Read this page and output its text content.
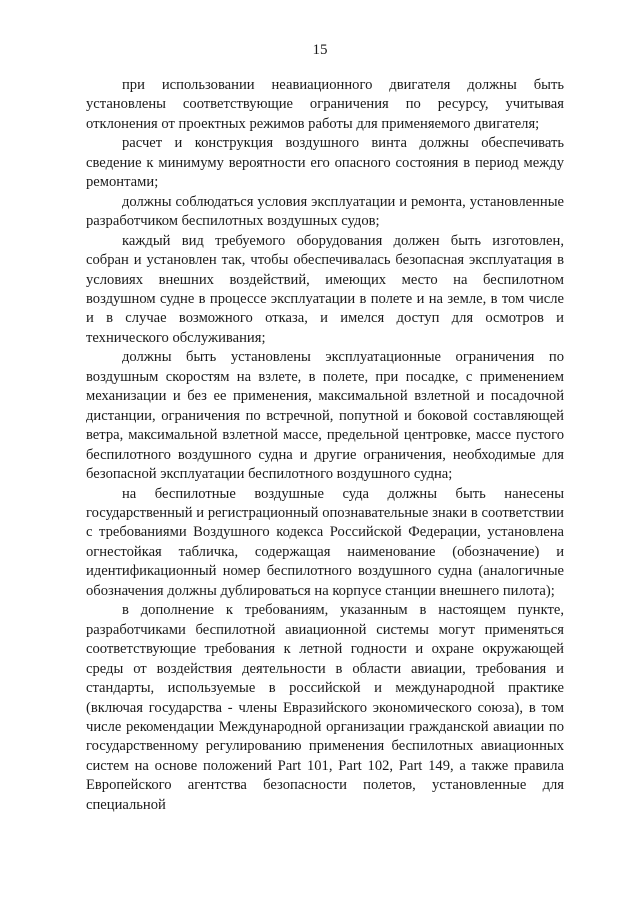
15

при использовании неавиационного двигателя должны быть установлены соответствующие ограничения по ресурсу, учитывая отклонения от проектных режимов работы для применяемого двигателя;

расчет и конструкция воздушного винта должны обеспечивать сведение к минимуму вероятности его опасного состояния в период между ремонтами;

должны соблюдаться условия эксплуатации и ремонта, установленные разработчиком беспилотных воздушных судов;

каждый вид требуемого оборудования должен быть изготовлен, собран и установлен так, чтобы обеспечивалась безопасная эксплуатация в условиях внешних воздействий, имеющих место на беспилотном воздушном судне в процессе эксплуатации в полете и на земле, в том числе и в случае возможного отказа, и имелся доступ для осмотров и технического обслуживания;

должны быть установлены эксплуатационные ограничения по воздушным скоростям на взлете, в полете, при посадке, с применением механизации и без ее применения, максимальной взлетной и посадочной дистанции, ограничения по встречной, попутной и боковой составляющей ветра, максимальной взлетной массе, предельной центровке, массе пустого беспилотного воздушного судна и другие ограничения, необходимые для безопасной эксплуатации беспилотного воздушного судна;

на беспилотные воздушные суда должны быть нанесены государственный и регистрационный опознавательные знаки в соответствии с требованиями Воздушного кодекса Российской Федерации, установлена огнестойкая табличка, содержащая наименование (обозначение) и идентификационный номер беспилотного воздушного судна (аналогичные обозначения должны дублироваться на корпусе станции внешнего пилота);

в дополнение к требованиям, указанным в настоящем пункте, разработчиками беспилотной авиационной системы могут применяться соответствующие требования к летной годности и охране окружающей среды от воздействия деятельности в области авиации, требования и стандарты, используемые в российской и международной практике (включая государства - члены Евразийского экономического союза), в том числе рекомендации Международной организации гражданской авиации по государственному регулированию применения беспилотных авиационных систем на основе положений Part 101, Part 102, Part 149, а также правила Европейского агентства безопасности полетов, установленные для специальной
